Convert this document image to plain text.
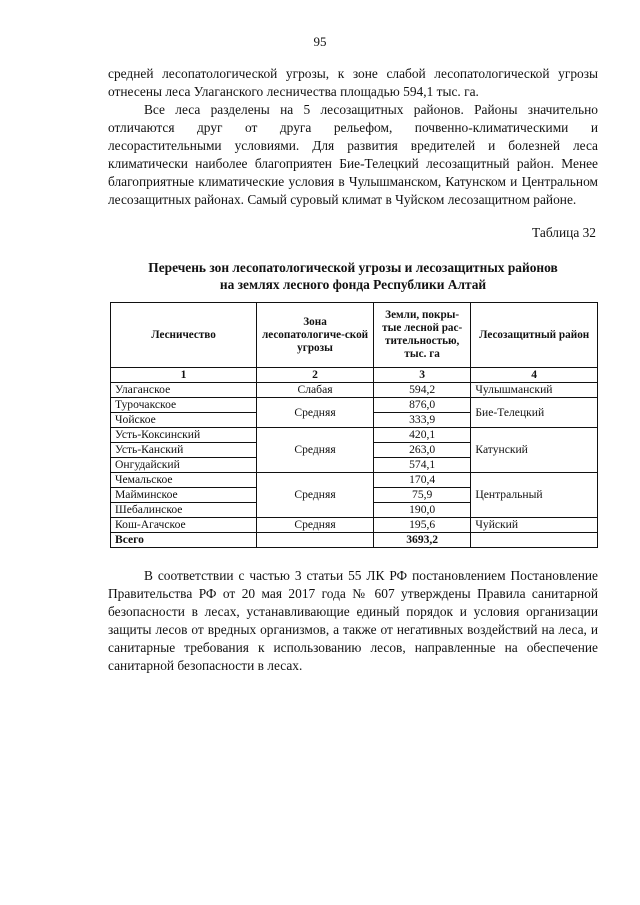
95

средней лесопатологической угрозы, к зоне слабой лесопатологической угрозы отнесены леса Улаганского лесничества площадью 594,1 тыс. га.

Все леса разделены на 5 лесозащитных районов. Районы значительно отличаются друг от друга рельефом, почвенно-климатическими и лесорастительными условиями. Для развития вредителей и болезней леса климатически наиболее благоприятен Бие-Телецкий лесозащитный район. Менее благоприятные климатические условия в Чулышманском, Катунском и Центральном лесозащитных районах. Самый суровый климат в Чуйском лесозащитном районе.

Таблица 32

Перечень зон лесопатологической угрозы и лесозащитных районов
на землях лесного фонда Республики Алтай

Лесничество	Зона лесопатологиче-ской угрозы	Земли, покры-тые лесной рас-тительностью, тыс. га	Лесозащитный район
1	2	3	4
Улаганское	Слабая	594,2	Чулышманский
Турочакское	Средняя	876,0	Бие-Телецкий
Чойское		333,9	
Усть-Коксинский	Средняя	420,1	Катунский
Усть-Канский		263,0	
Онгудайский		574,1	
Чемальское	Средняя	170,4	Центральный
Майминское		75,9	
Шебалинское		190,0	
Кош-Агачское	Средняя	195,6	Чуйский
Всего		3693,2	

В соответствии с частью 3 статьи 55 ЛК РФ постановлением Постановление Правительства РФ от 20 мая 2017 года № 607 утверждены Правила санитарной безопасности в лесах, устанавливающие единый порядок и условия организации защиты лесов от вредных организмов, а также от негативных воздействий на леса, и санитарные требования к использованию лесов, направленные на обеспечение санитарной безопасности в лесах.
